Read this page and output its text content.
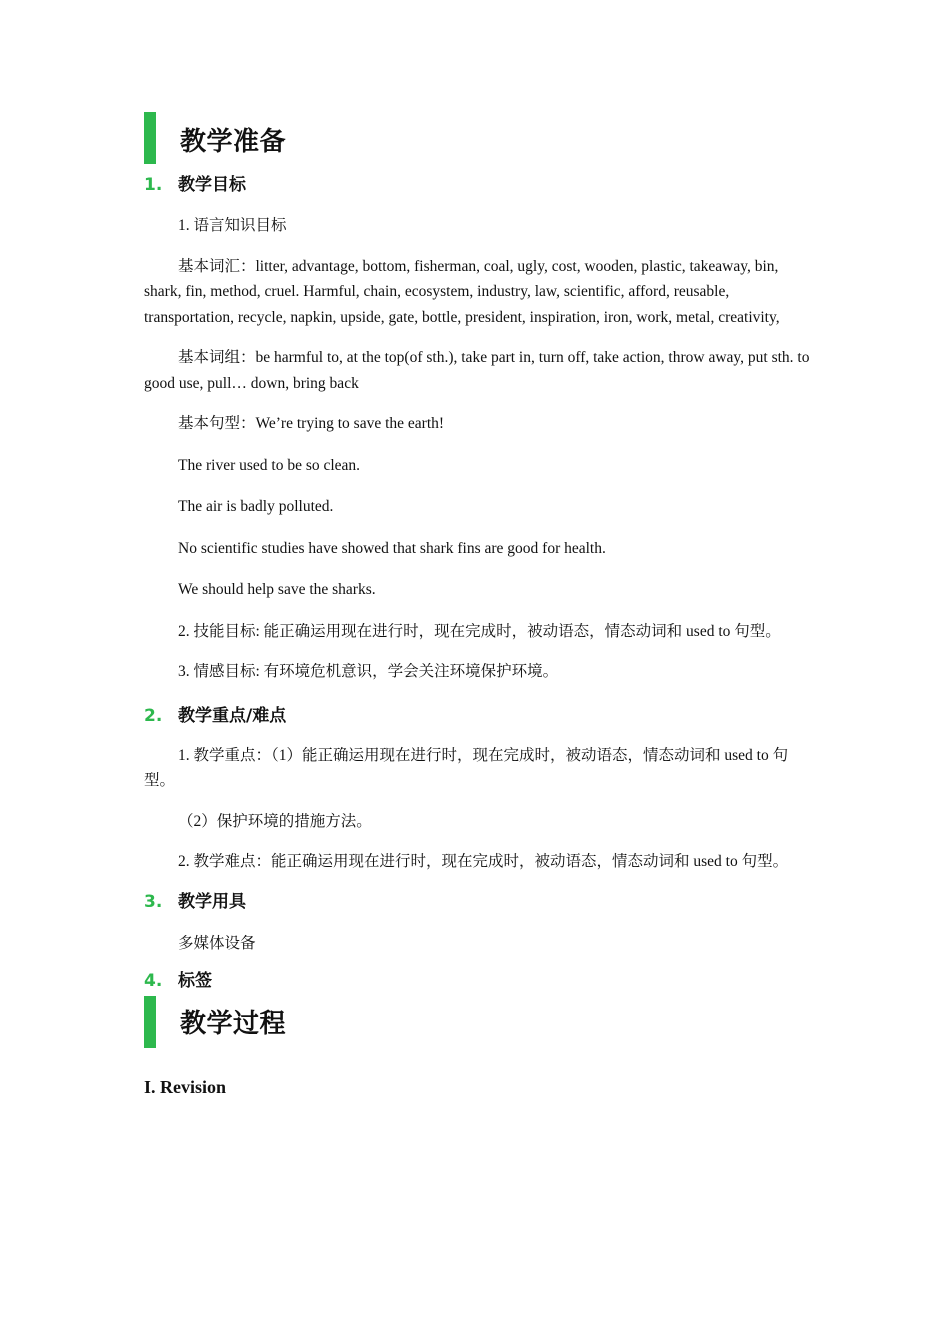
教学准备
1. 教学目标

1. 语言知识目标

基本词汇：litter, advantage, bottom, fisherman, coal, ugly, cost, wooden, plastic, takeaway, bin, shark, fin, method, cruel. Harmful, chain, ecosystem, industry, law, scientific, afford, reusable, transportation, recycle, napkin, upside, gate, bottle, president, inspiration, iron, work, metal, creativity,

基本词组：be harmful to, at the top(of sth.), take part in, turn off, take action, throw away, put sth. to good use, pull… down, bring back

基本句型：We’re trying to save the earth!

The river used to be so clean.

The air is badly polluted.

No scientific studies have showed that shark fins are good for health.

We should help save the sharks.

2. 技能目标: 能正确运用现在进行时，现在完成时，被动语态，情态动词和 used to 句型。

3. 情感目标: 有环境危机意识，学会关注环境保护环境。

2. 教学重点/难点

1. 教学重点：（1）能正确运用现在进行时，现在完成时，被动语态，情态动词和 used to 句型。

（2）保护环境的措施方法。

2. 教学难点：能正确运用现在进行时，现在完成时，被动语态，情态动词和 used to 句型。

3. 教学用具

多媒体设备

4. 标签
教学过程

I. Revision
